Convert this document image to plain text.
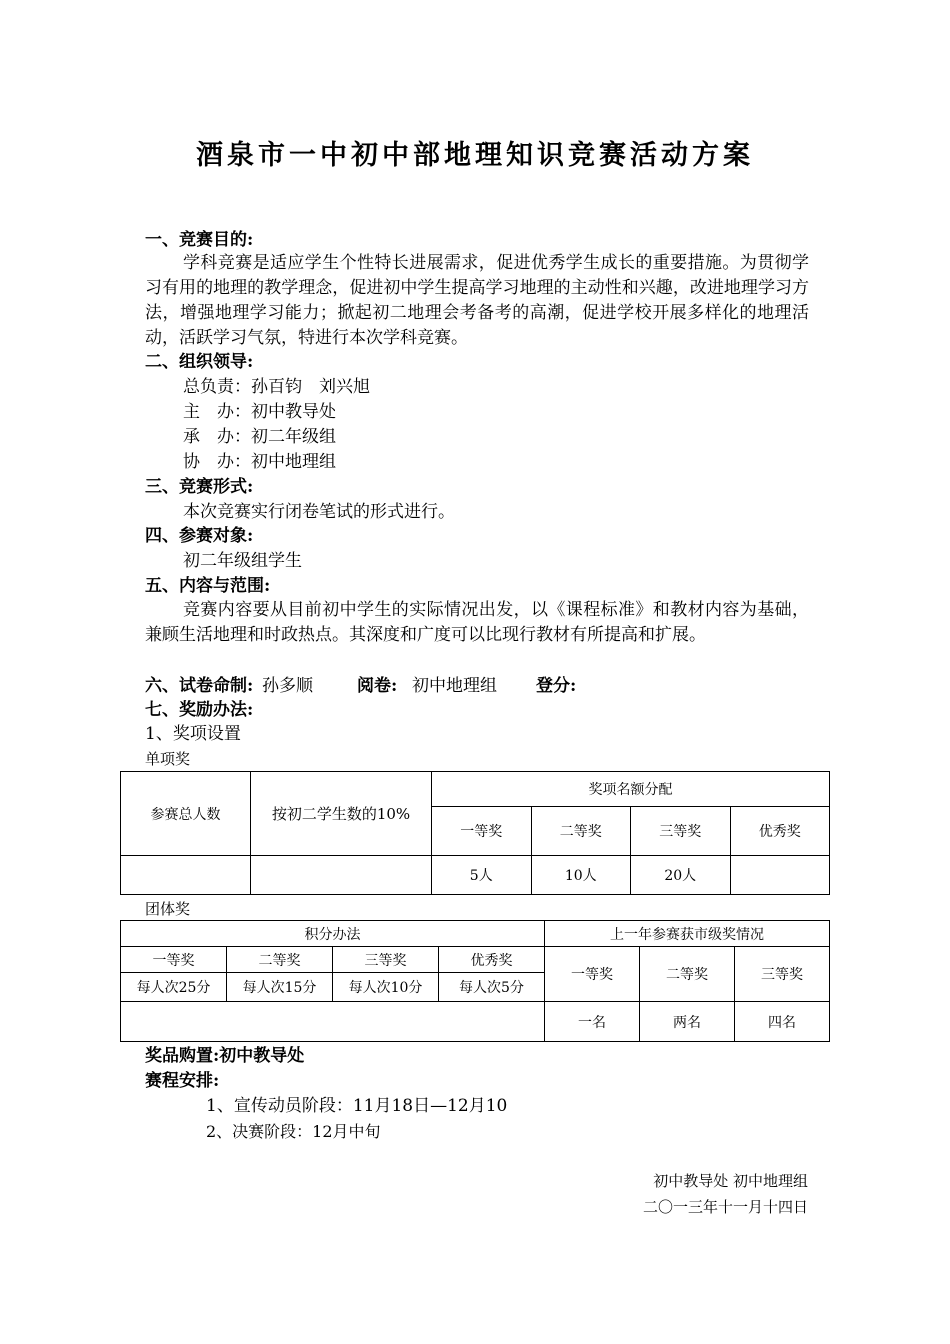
酒泉市一中初中部地理知识竞赛活动方案
一、竞赛目的:
学科竞赛是适应学生个性特长进展需求，促进优秀学生成长的重要措施。为贯彻学习有用的地理的教学理念，促进初中学生提高学习地理的主动性和兴趣，改进地理学习方法，增强地理学习能力；掀起初二地理会考备考的高潮，促进学校开展多样化的地理活动，活跃学习气氛，特进行本次学科竞赛。
二、组织领导:
总负责：孙百钧　刘兴旭
主　办：初中教导处
承　办：初二年级组
协　办：初中地理组
三、竞赛形式:
本次竞赛实行闭卷笔试的形式进行。
四、参赛对象:
初二年级组学生
五、内容与范围:
竞赛内容要从目前初中学生的实际情况出发，以《课程标准》和教材内容为基础，兼顾生活地理和时政热点。其深度和广度可以比现行教材有所提高和扩展。
六、试卷命制: 孙多顺	阅卷: 初中地理组 登分:
七、奖励办法:
1、奖项设置
单项奖
参赛总人数	按初二学生数的10%	奖项名额分配			
		一等奖	二等奖	三等奖	优秀奖
		5人	10人	20人	
团体奖
积分办法				上一年参赛获市级奖情况		
一等奖	二等奖	三等奖	优秀奖	一等奖	二等奖	三等奖
每人次25分	每人次15分	每人次10分	每人次5分			
				一名	两名	四名
奖品购置:初中教导处
赛程安排:
1、宣传动员阶段：11月18日—12月10
2、决赛阶段：12月中旬
初中教导处 初中地理组
二〇一三年十一月十四日
